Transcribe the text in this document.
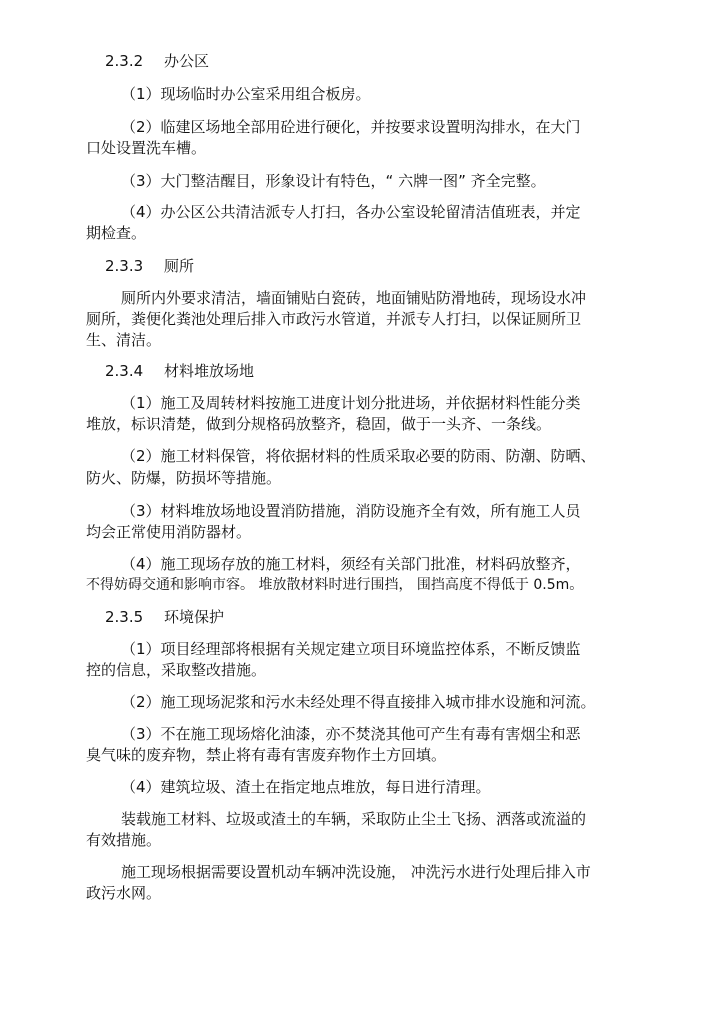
2.3.2 办公区
（1）现场临时办公室采用组合板房。
（2）临建区场地全部用砼进行硬化，并按要求设置明沟排水，在大门
口处设置洗车槽。
（3）大门整洁醒目，形象设计有特色，“ 六牌一图” 齐全完整。
（4）办公区公共清洁派专人打扫，各办公室设轮留清洁值班表，并定
期检查。
2.3.3 厕所
厕所内外要求清洁，墙面铺贴白瓷砖，地面铺贴防滑地砖，现场设水冲
厕所，粪便化粪池处理后排入市政污水管道，并派专人打扫，以保证厕所卫
生、清洁。
2.3.4 材料堆放场地
（1）施工及周转材料按施工进度计划分批进场，并依据材料性能分类
堆放，标识清楚，做到分规格码放整齐，稳固，做于一头齐、一条线。
（2）施工材料保管，将依据材料的性质采取必要的防雨、防潮、防晒、
防火、防爆，防损坏等措施。
（3）材料堆放场地设置消防措施，消防设施齐全有效，所有施工人员
均会正常使用消防器材。
（4）施工现场存放的施工材料，须经有关部门批准，材料码放整齐，
不得妨碍交通和影响市容。 堆放散材料时进行围挡， 围挡高度不得低于 0.5m。
2.3.5 环境保护
（1）项目经理部将根据有关规定建立项目环境监控体系，不断反馈监
控的信息，采取整改措施。
（2）施工现场泥浆和污水未经处理不得直接排入城市排水设施和河流。
（3）不在施工现场熔化油漆，亦不焚浇其他可产生有毒有害烟尘和恶
臭气味的废弃物，禁止将有毒有害废弃物作土方回填。
（4）建筑垃圾、渣土在指定地点堆放，每日进行清理。
装载施工材料、垃圾或渣土的车辆，采取防止尘土飞扬、洒落或流溢的
有效措施。
施工现场根据需要设置机动车辆冲洗设施， 冲洗污水进行处理后排入市
政污水网。
